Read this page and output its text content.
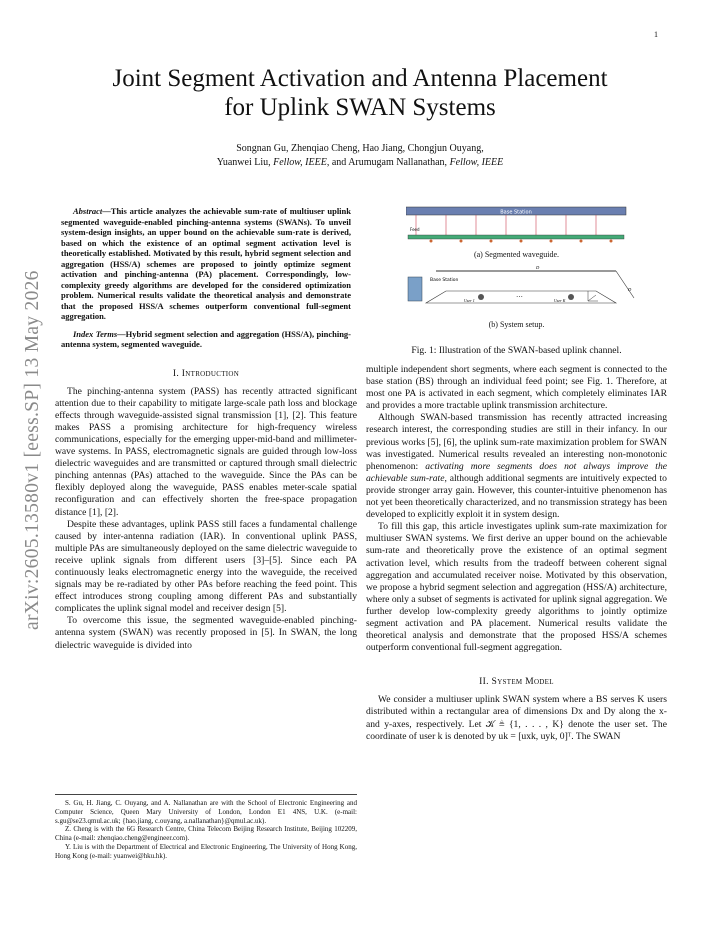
1
arXiv:2605.13580v1 [eess.SP] 13 May 2026
Joint Segment Activation and Antenna Placement for Uplink SWAN Systems
Songnan Gu, Zhenqiao Cheng, Hao Jiang, Chongjun Ouyang,
Yuanwei Liu, Fellow, IEEE, and Arumugam Nallanathan, Fellow, IEEE

Abstract—This article analyzes the achievable sum-rate of multiuser uplink segmented waveguide-enabled pinching-antenna systems (SWANs). To unveil system-design insights, an upper bound on the achievable sum-rate is derived, based on which the existence of an optimal segment activation level is theoretically established. Motivated by this result, hybrid segment selection and aggregation (HSS/A) schemes are proposed to jointly optimize segment activation and pinching-antenna (PA) placement. Correspondingly, low-complexity greedy algorithms are developed for the considered optimization problem. Numerical results validate the theoretical analysis and demonstrate that the proposed HSS/A schemes outperform conventional full-segment aggregation.

Index Terms—Hybrid segment selection and aggregation (HSS/A), pinching-antenna system, segmented waveguide.

I. Introduction

The pinching-antenna system (PASS) has recently attracted significant attention due to their capability to mitigate large-scale path loss and blockage effects through waveguide-assisted signal transmission [1], [2]. This feature makes PASS a promising architecture for high-frequency wireless communications, especially for the emerging upper-mid-band and millimeter-wave systems. In PASS, electromagnetic signals are guided through low-loss dielectric waveguides and are transmitted or captured through small dielectric pinching antennas (PAs) attached to the waveguide. Since the PAs can be flexibly deployed along the waveguide, PASS enables meter-scale spatial reconfiguration and can effectively shorten the free-space propagation distance [1], [2].

Despite these advantages, uplink PASS still faces a fundamental challenge caused by inter-antenna radiation (IAR). In conventional uplink PASS, multiple PAs are simultaneously deployed on the same dielectric waveguide to receive uplink signals from different users [3]–[5]. Since each PA continuously leaks electromagnetic energy into the waveguide, the received signals may be re-radiated by other PAs before reaching the feed point. This effect introduces strong coupling among different PAs and substantially complicates the uplink signal model and receiver design [5].

To overcome this issue, the segmented waveguide-enabled pinching-antenna system (SWAN) was recently proposed in [5]. In SWAN, the long dielectric waveguide is divided into

S. Gu, H. Jiang, C. Ouyang, and A. Nallanathan are with the School of Electronic Engineering and Computer Science, Queen Mary University of London, London E1 4NS, U.K. (e-mail: s.gu@se23.qmul.ac.uk; {hao.jiang, c.ouyang, a.nallanathan}@qmul.ac.uk).

Z. Cheng is with the 6G Research Centre, China Telecom Beijing Research Institute, Beijing 102209, China (e-mail: zhenqiao.cheng@engineer.com).

Y. Liu is with the Department of Electrical and Electronic Engineering, The University of Hong Kong, Hong Kong (e-mail: yuanwei@hku.hk).

Base Station
Feed
(a) Segmented waveguide.
Base Station
D
D
User 1	User K
···
(b) System setup.
Fig. 1: Illustration of the SWAN-based uplink channel.

multiple independent short segments, where each segment is connected to the base station (BS) through an individual feed point; see Fig. 1. Therefore, at most one PA is activated in each segment, which completely eliminates IAR and provides a more tractable uplink transmission architecture.

Although SWAN-based transmission has recently attracted increasing research interest, the corresponding studies are still in their infancy. In our previous works [5], [6], the uplink sum-rate maximization problem for SWAN was investigated. Numerical results revealed an interesting non-monotonic phenomenon: activating more segments does not always improve the achievable sum-rate, although additional segments are intuitively expected to provide stronger array gain. However, this counter-intuitive phenomenon has not yet been theoretically characterized, and no transmission strategy has been developed to explicitly exploit it in system design.

To fill this gap, this article investigates uplink sum-rate maximization for multiuser SWAN systems. We first derive an upper bound on the achievable sum-rate and theoretically prove the existence of an optimal segment activation level, which results from the tradeoff between coherent signal aggregation and accumulated receiver noise. Motivated by this observation, we propose a hybrid segment selection and aggregation (HSS/A) architecture, where only a subset of segments is activated for uplink signal aggregation. We further develop low-complexity greedy algorithms to jointly optimize segment activation and PA placement. Numerical results validate the theoretical analysis and demonstrate that the proposed HSS/A schemes outperform conventional full-segment aggregation.

II. System Model

We consider a multiuser uplink SWAN system where a BS serves K users distributed within a rectangular area of dimensions Dx and Dy along the x- and y-axes, respectively. Let 𝒦 ≜ {1, . . . , K} denote the user set. The coordinate of user k is denoted by uk = [uxk, uyk, 0]ᵀ. The SWAN
